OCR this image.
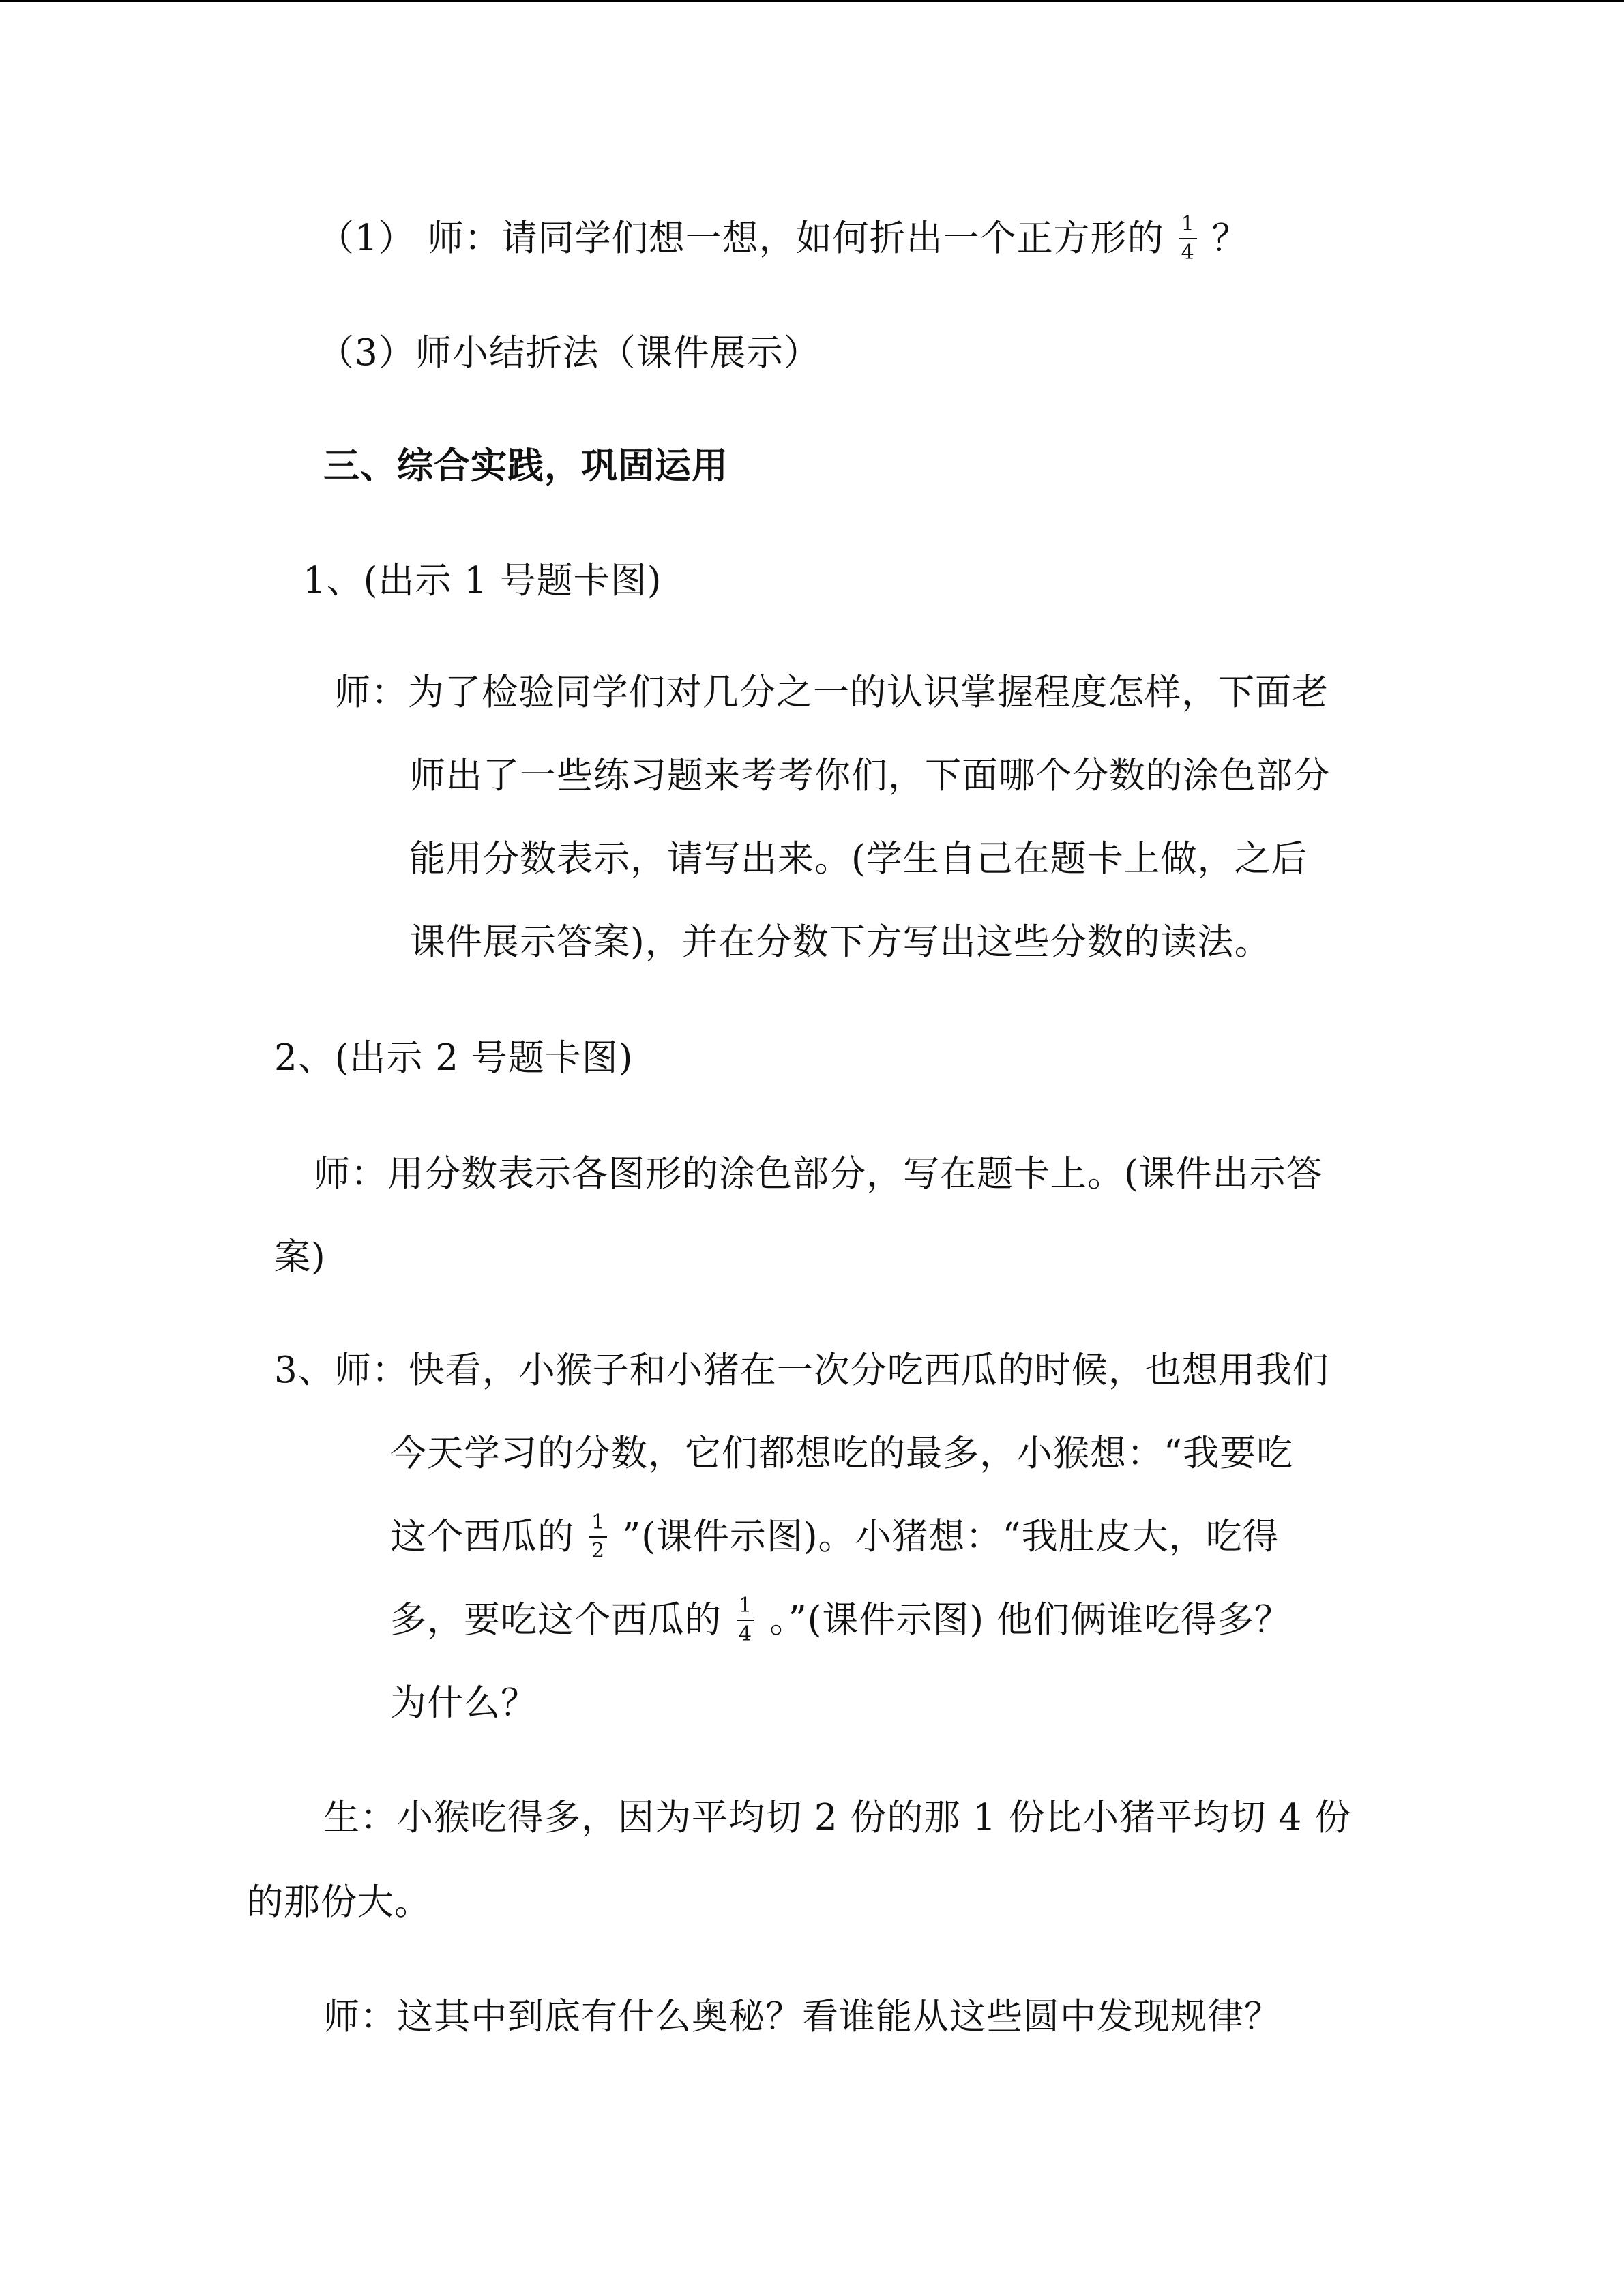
（1） 师：请同学们想一想，如何折出一个正方形的 $\frac{1}{4}$ ？
（3）师小结折法（课件展示）
三、综合实践，巩固运用
1、(出示 1 号题卡图)
师：为了检验同学们对几分之一的认识掌握程度怎样，下面老
师出了一些练习题来考考你们，下面哪个分数的涂色部分
能用分数表示，请写出来。(学生自己在题卡上做，之后
课件展示答案)，并在分数下方写出这些分数的读法。
2、(出示 2 号题卡图)
师：用分数表示各图形的涂色部分，写在题卡上。(课件出示答
案)
3、师：快看，小猴子和小猪在一次分吃西瓜的时候，也想用我们
今天学习的分数，它们都想吃的最多，小猴想：“我要吃
这个西瓜的 $\frac{1}{2}$ ”(课件示图)。小猪想：“我肚皮大，吃得
多，要吃这个西瓜的 $\frac{1}{4}$ 。”(课件示图) 他们俩谁吃得多？
为什么？
生：小猴吃得多，因为平均切 2 份的那 1 份比小猪平均切 4 份
的那份大。
师：这其中到底有什么奥秘？看谁能从这些圆中发现规律？
